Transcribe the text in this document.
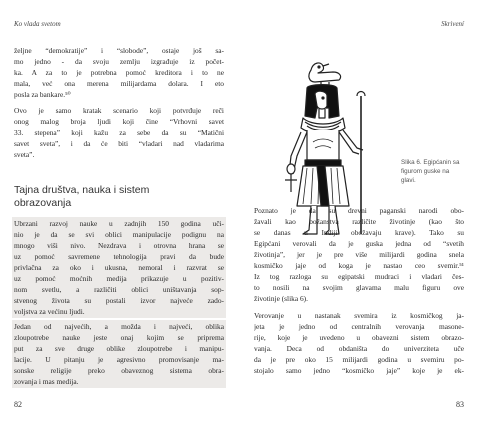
Ko vlada svetom
željne “demokratije” i “slobode”, ostaje još sa-
mo jedno - da svoju zemlju izgrađuje iz počet-
ka. A za to je potrebna pomoć kreditora i to ne
mala, već ona merena milijardama dolara. I eto
posla za bankare.⁵⁰
Ovo je samo kratak scenario koji potvrđuje reči
onog malog broja ljudi koji čine “Vrhovni savet
33. stepena” koji kažu za sebe da su “Matični
savet sveta”, i da će biti “vladari nad vladarima
sveta”.
Tajna društva, nauka i sistem
obrazovanja
Ubrzani razvoj nauke u zadnjih 150 godina uči-
nio je da se svi oblici manipulacije podignu na
mnogo viši nivo. Nezdrava i otrovna hrana se
uz pomoć savremene tehnologija pravi da bude
privlačna za oko i ukusna, nemoral i razvrat se
uz pomoć moćnih medija prikazuje u pozitiv-
nom svetlu, a različiti oblici uništavanja sop-
stvenog života su postali izvor najveće zado-
voljstva za većinu ljudi.
Jedan od najvećih, a možda i najveći, oblika
zloupotrebe nauke jeste onaj kojim se priprema
put za sve druge oblike zloupotrebe i manipu-
lacije. U pitanju je agresivno promovisanje ma-
sonske religije preko obaveznog sistema obra-
zovanja i mas medija.
82
Skrivení
Slika 6. Egipćanin sa
figurom guske na
glavi.
Poznato je da su drevni paganski narodi obo-
žavali kao božanstva različite životinje (kao što
se danas u Indiji obožavaju krave). Tako su
Egipćani verovali da je guska jedna od “svetih
životinja”, jer je pre više milijardi godina snela
kosmičko jaje od koga je nastao ceo svemir.⁵¹
Iz tog razloga su egipatski mudraci i vladari čes-
to nosili na svojim glavama malu figuru ove
životinje (slika 6).
Verovanje u nastanak svemira iz kosmičkog ja-
jeta je jedno od centralnih verovanja masone-
rije, koje je uvedeno u obavezni sistem obrazo-
vanja. Deca od obdaništa do univerziteta uče
da je pre oko 15 milijardi godina u svemiru po-
stojalo samo jedno “kosmičko jaje” koje je ek-
83
